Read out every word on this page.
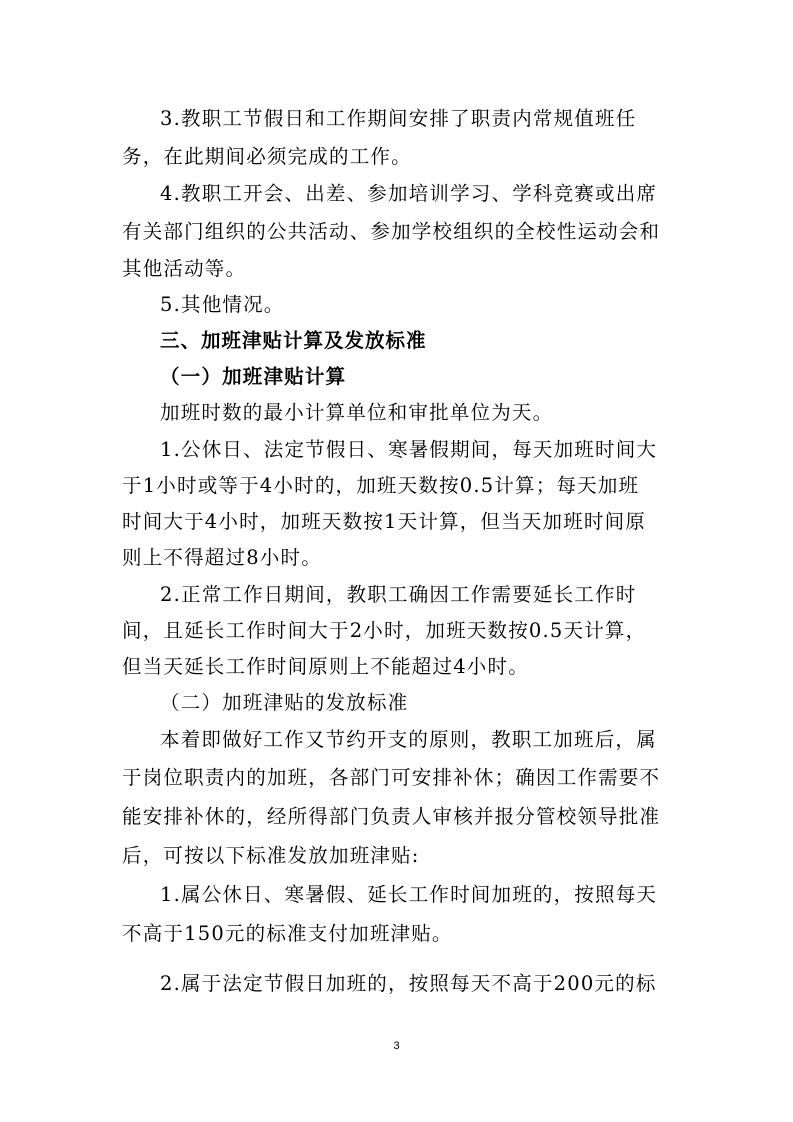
3.教职工节假日和工作期间安排了职责内常规值班任

务，在此期间必须完成的工作。

4.教职工开会、出差、参加培训学习、学科竞赛或出席

有关部门组织的公共活动、参加学校组织的全校性运动会和

其他活动等。

5.其他情况。

三、加班津贴计算及发放标准

（一）加班津贴计算

加班时数的最小计算单位和审批单位为天。

1.公休日、法定节假日、寒暑假期间，每天加班时间大

于1小时或等于4小时的，加班天数按0.5计算；每天加班

时间大于4小时，加班天数按1天计算，但当天加班时间原

则上不得超过8小时。

2.正常工作日期间，教职工确因工作需要延长工作时

间，且延长工作时间大于2小时，加班天数按0.5天计算，

但当天延长工作时间原则上不能超过4小时。

（二）加班津贴的发放标准

本着即做好工作又节约开支的原则，教职工加班后，属

于岗位职责内的加班，各部门可安排补休；确因工作需要不

能安排补休的，经所得部门负责人审核并报分管校领导批准

后，可按以下标准发放加班津贴:

1.属公休日、寒暑假、延长工作时间加班的，按照每天

不高于150元的标准支付加班津贴。

2.属于法定节假日加班的，按照每天不高于200元的标

3
